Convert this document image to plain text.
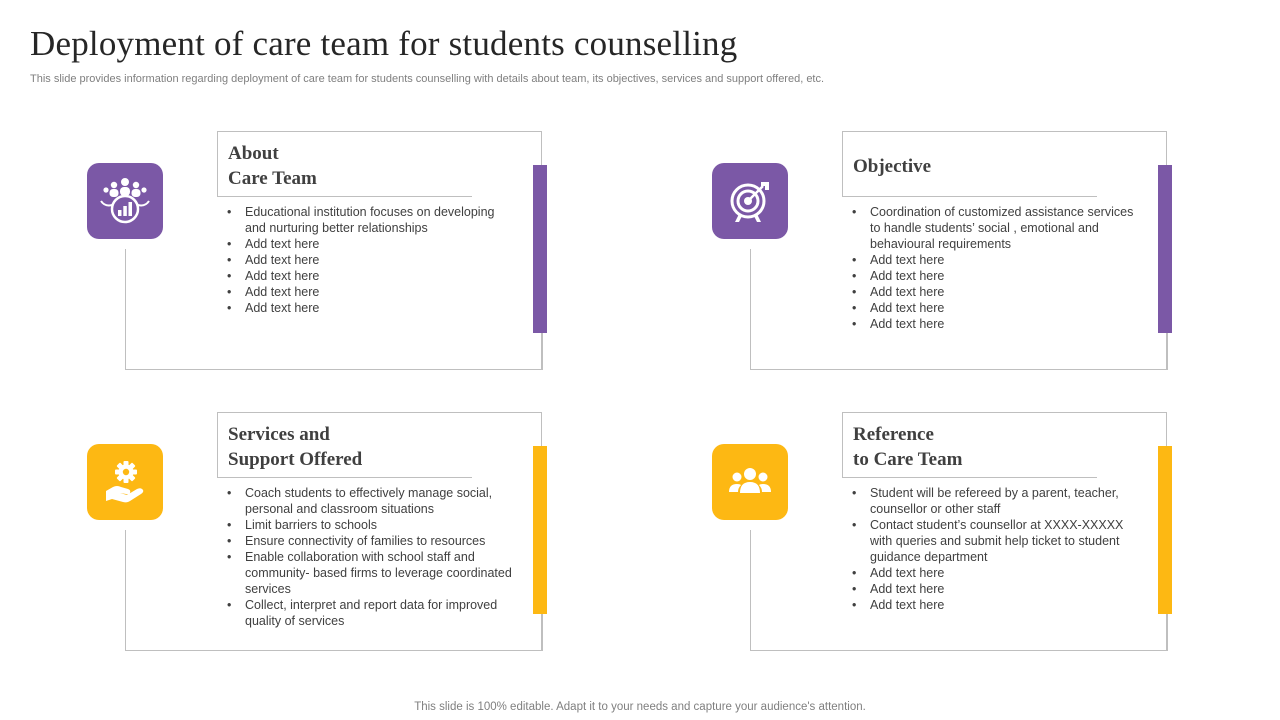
Deployment of care team for students counselling
This slide provides information regarding deployment of care team for students counselling with details about team, its objectives, services and support offered, etc.
About
Care Team
• Educational institution focuses on developing and nurturing better relationships
• Add text here
• Add text here
• Add text here
• Add text here
• Add text here
Objective
• Coordination of customized assistance services to handle students’ social , emotional and behavioural requirements
• Add text here
• Add text here
• Add text here
• Add text here
• Add text here
Services and
Support Offered
• Coach students to effectively manage social, personal and classroom situations
• Limit barriers to schools
• Ensure connectivity of families to resources
• Enable collaboration with school staff and community- based firms to leverage coordinated services
• Collect, interpret and report data for improved quality of services
Reference
to Care Team
• Student will be refereed by a parent, teacher, counsellor or other staff
• Contact student’s counsellor at XXXX-XXXXX with queries and submit help ticket to student guidance department
• Add text here
• Add text here
• Add text here
This slide is 100% editable. Adapt it to your needs and capture your audience's attention.
